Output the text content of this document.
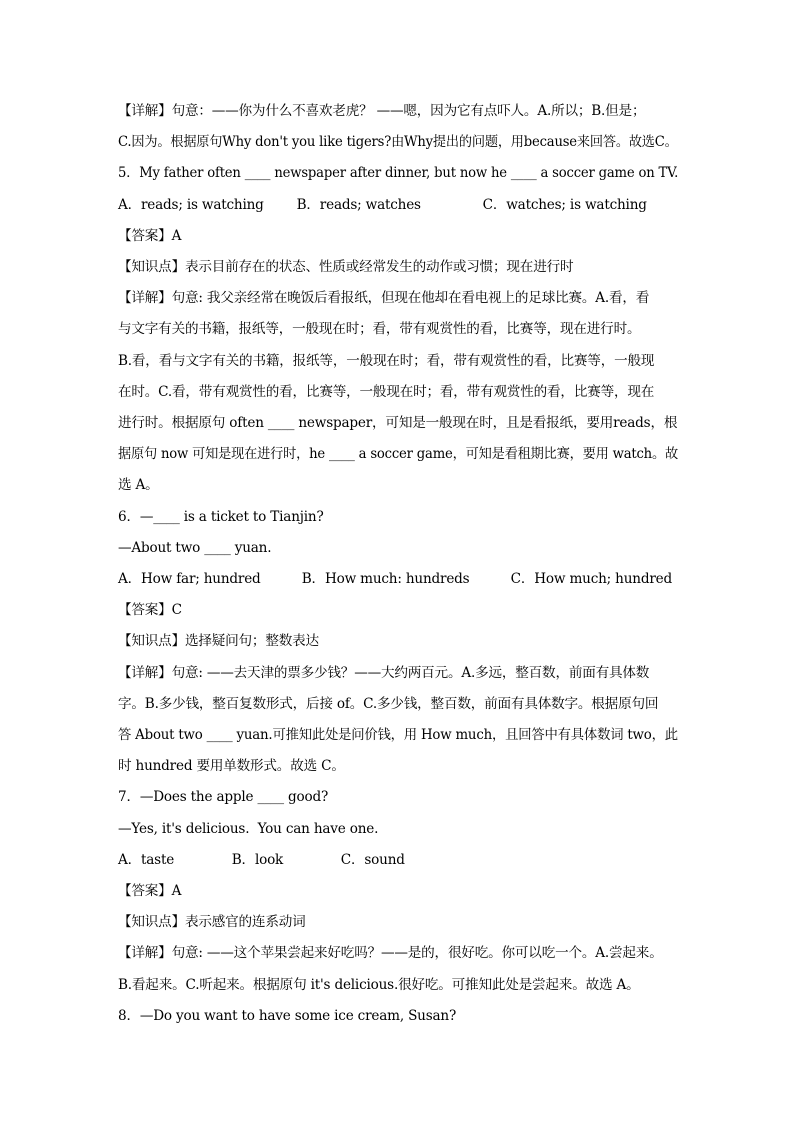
【详解】句意：——你为什么不喜欢老虎？ ——嗯，因为它有点吓人。A.所以；B.但是；
C.因为。根据原句Why don't you like tigers?由Why提出的问题，用because来回答。故选C。 5．My father often ____ newspaper after dinner, but now he ____ a soccer game on TV.
A．reads; is watching        B．reads; watches               C．watches; is watching
【答案】A
【知识点】表示目前存在的状态、性质或经常发生的动作或习惯；现在进行时
【详解】句意: 我父亲经常在晚饭后看报纸，但现在他却在看电视上的足球比赛。A.看，看
与文字有关的书籍，报纸等，一般现在时；看，带有观赏性的看，比赛等，现在进行时。
B.看，看与文字有关的书籍，报纸等，一般现在时；看，带有观赏性的看，比赛等，一般现
在时。C.看，带有观赏性的看，比赛等，一般现在时；看，带有观赏性的看，比赛等，现在
进行时。根据原句 often ____ newspaper，可知是一般现在时，且是看报纸，要用reads，根
据原句 now 可知是现在进行时，he ____ a soccer game，可知是看租期比赛，要用 watch。故
选 A。
6．—____ is a ticket to Tianjin?
—About two ____ yuan.
A．How far; hundred          B．How much: hundreds          C．How much; hundred
【答案】C
【知识点】选择疑问句；整数表达
【详解】句意: ——去天津的票多少钱？——大约两百元。A.多远，整百数，前面有具体数
字。B.多少钱，整百复数形式，后接 of。C.多少钱，整百数，前面有具体数字。根据原句回
答 About two ____ yuan.可推知此处是问价钱，用 How much，且回答中有具体数词 two，此
时 hundred 要用单数形式。故选 C。
7．—Does the apple ____ good?
—Yes, it's delicious.  You can have one.
A．taste              B．look              C．sound
【答案】A
【知识点】表示感官的连系动词
【详解】句意: ——这个苹果尝起来好吃吗？——是的，很好吃。你可以吃一个。A.尝起来。
B.看起来。C.听起来。根据原句 it's delicious.很好吃。可推知此处是尝起来。故选 A。
8．—Do you want to have some ice cream, Susan?
